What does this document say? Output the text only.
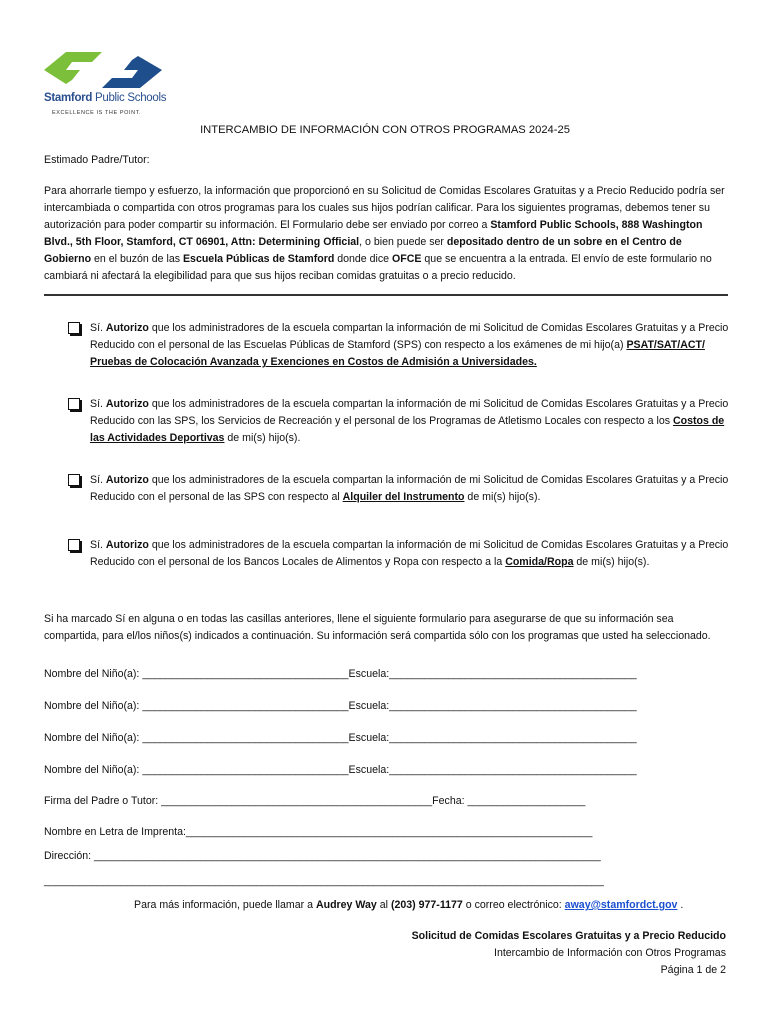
Stamford Public Schools
EXCELLENCE IS THE POINT.
INTERCAMBIO DE INFORMACIÓN CON OTROS PROGRAMAS 2024-25
Estimado Padre/Tutor:
Para ahorrarle tiempo y esfuerzo, la información que proporcionó en su Solicitud de Comidas Escolares Gratuitas y a Precio Reducido podría ser intercambiada o compartida con otros programas para los cuales sus hijos podrían calificar. Para los siguientes programas, debemos tener su autorización para poder compartir su información. El Formulario debe ser enviado por correo a Stamford Public Schools, 888 Washington Blvd., 5th Floor, Stamford, CT 06901, Attn: Determining Official, o bien puede ser depositado dentro de un sobre en el Centro de Gobierno en el buzón de las Escuela Públicas de Stamford donde dice OFCE que se encuentra a la entrada. El envío de este formulario no cambiará ni afectará la elegibilidad para que sus hijos reciban comidas gratuitas o a precio reducido.
Sí. Autorizo que los administradores de la escuela compartan la información de mi Solicitud de Comidas Escolares Gratuitas y a Precio Reducido con el personal de las Escuelas Públicas de Stamford (SPS) con respecto a los exámenes de mi hijo(a) PSAT/SAT/ACT/ Pruebas de Colocación Avanzada y Exenciones en Costos de Admisión a Universidades.
Sí. Autorizo que los administradores de la escuela compartan la información de mi Solicitud de Comidas Escolares Gratuitas y a Precio Reducido con las SPS, los Servicios de Recreación y el personal de los Programas de Atletismo Locales con respecto a los Costos de las Actividades Deportivas de mi(s) hijo(s).
Sí. Autorizo que los administradores de la escuela compartan la información de mi Solicitud de Comidas Escolares Gratuitas y a Precio Reducido con el personal de las SPS con respecto al Alquiler del Instrumento de mi(s) hijo(s).
Sí. Autorizo que los administradores de la escuela compartan la información de mi Solicitud de Comidas Escolares Gratuitas y a Precio Reducido con el personal de los Bancos Locales de Alimentos y Ropa con respecto a la Comida/Ropa de mi(s) hijo(s).
Si ha marcado Sí en alguna o en todas las casillas anteriores, llene el siguiente formulario para asegurarse de que su información sea compartida, para el/los niños(s) indicados a continuación. Su información será compartida sólo con los programas que usted ha seleccionado.
Nombre del Niño(a): ___________________________________Escuela:__________________________________________
Nombre del Niño(a): ___________________________________Escuela:__________________________________________
Nombre del Niño(a): ___________________________________Escuela:__________________________________________
Nombre del Niño(a): ___________________________________Escuela:__________________________________________
Firma del Padre o Tutor: ______________________________________________Fecha: ____________________
Nombre en Letra de Imprenta:_____________________________________________________________________
Dirección: ______________________________________________________________________________________
_______________________________________________________________________________________________
Para más información, puede llamar a Audrey Way al (203) 977-1177 o correo electrónico: away@stamfordct.gov .
Solicitud de Comidas Escolares Gratuitas y a Precio Reducido
Intercambio de Información con Otros Programas
Página 1 de 2
